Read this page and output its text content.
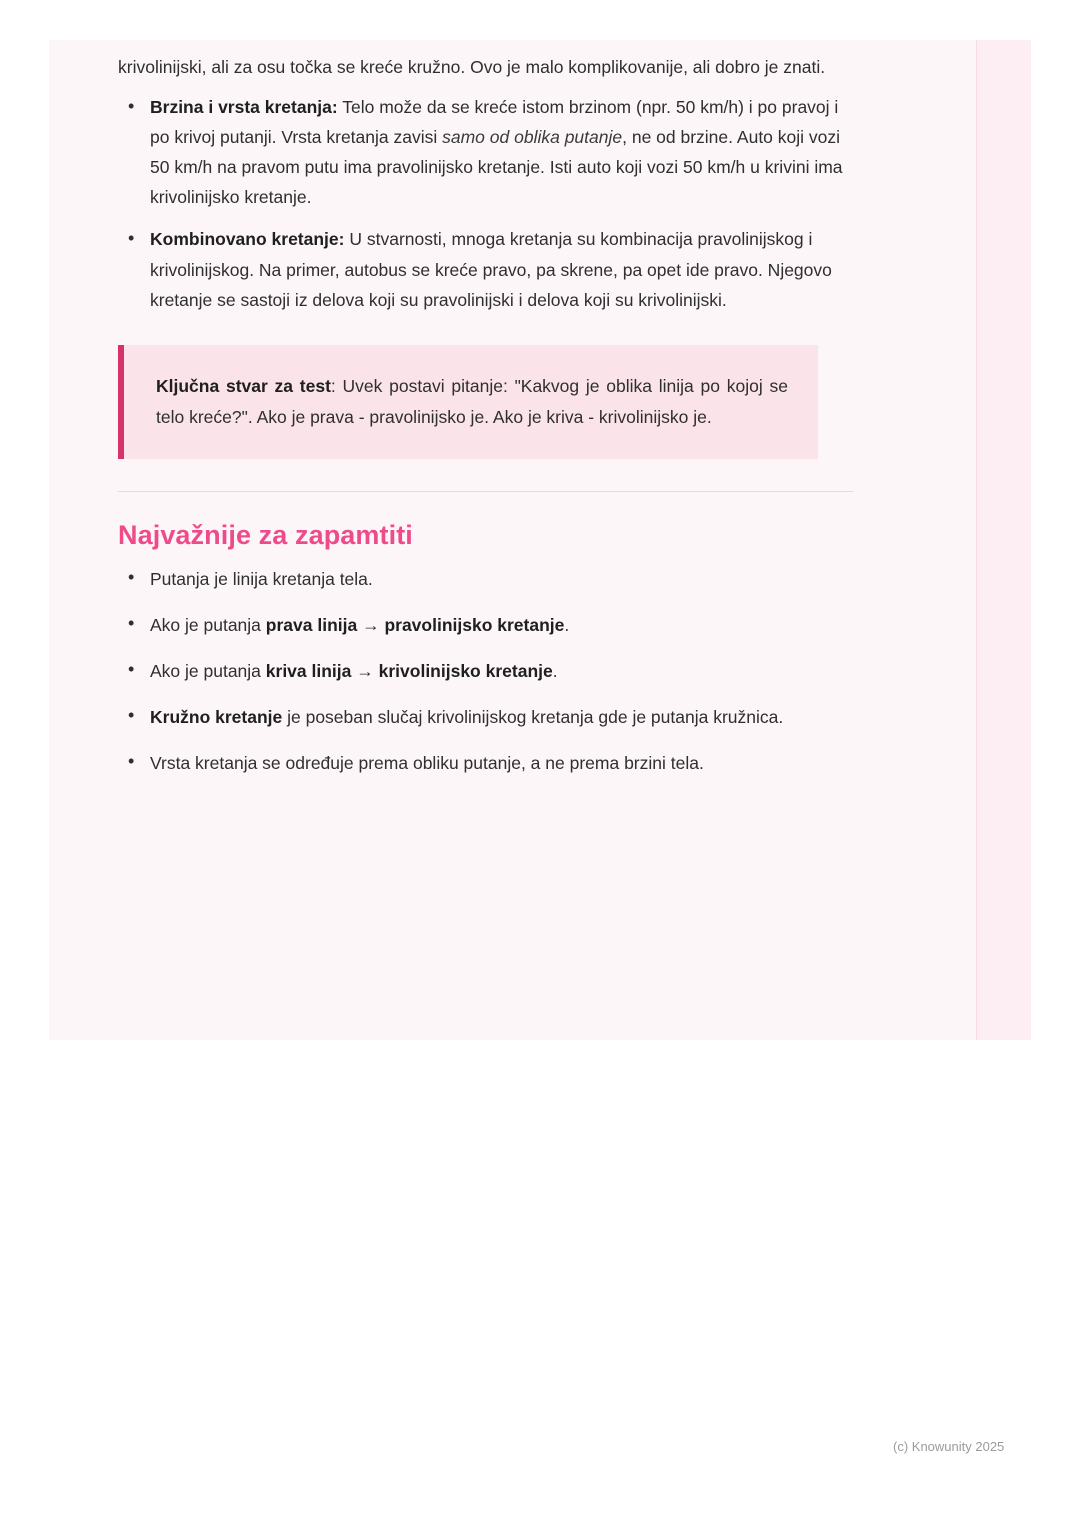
krivolinijski, ali za osu točka se kreće kružno. Ovo je malo komplikovanije, ali dobro je znati.

• Brzina i vrsta kretanja: Telo može da se kreće istom brzinom (npr. 50 km/h) i po pravoj i po krivoj putanji. Vrsta kretanja zavisi samo od oblika putanje, ne od brzine. Auto koji vozi 50 km/h na pravom putu ima pravolinijsko kretanje. Isti auto koji vozi 50 km/h u krivini ima krivolinijsko kretanje.
• Kombinovano kretanje: U stvarnosti, mnoga kretanja su kombinacija pravolinijskog i krivolinijskog. Na primer, autobus se kreće pravo, pa skrene, pa opet ide pravo. Njegovo kretanje se sastoji iz delova koji su pravolinijski i delova koji su krivolinijski.

Ključna stvar za test: Uvek postavi pitanje: "Kakvog je oblika linija po kojoj se telo kreće?". Ako je prava - pravolinijsko je. Ako je kriva - krivolinijsko je.

Najvažnije za zapamtiti
• Putanja je linija kretanja tela.
• Ako je putanja prava linija → pravolinijsko kretanje.
• Ako je putanja kriva linija → krivolinijsko kretanje.
• Kružno kretanje je poseban slučaj krivolinijskog kretanja gde je putanja kružnica.
• Vrsta kretanja se određuje prema obliku putanje, a ne prema brzini tela.
(c) Knowunity 2025
